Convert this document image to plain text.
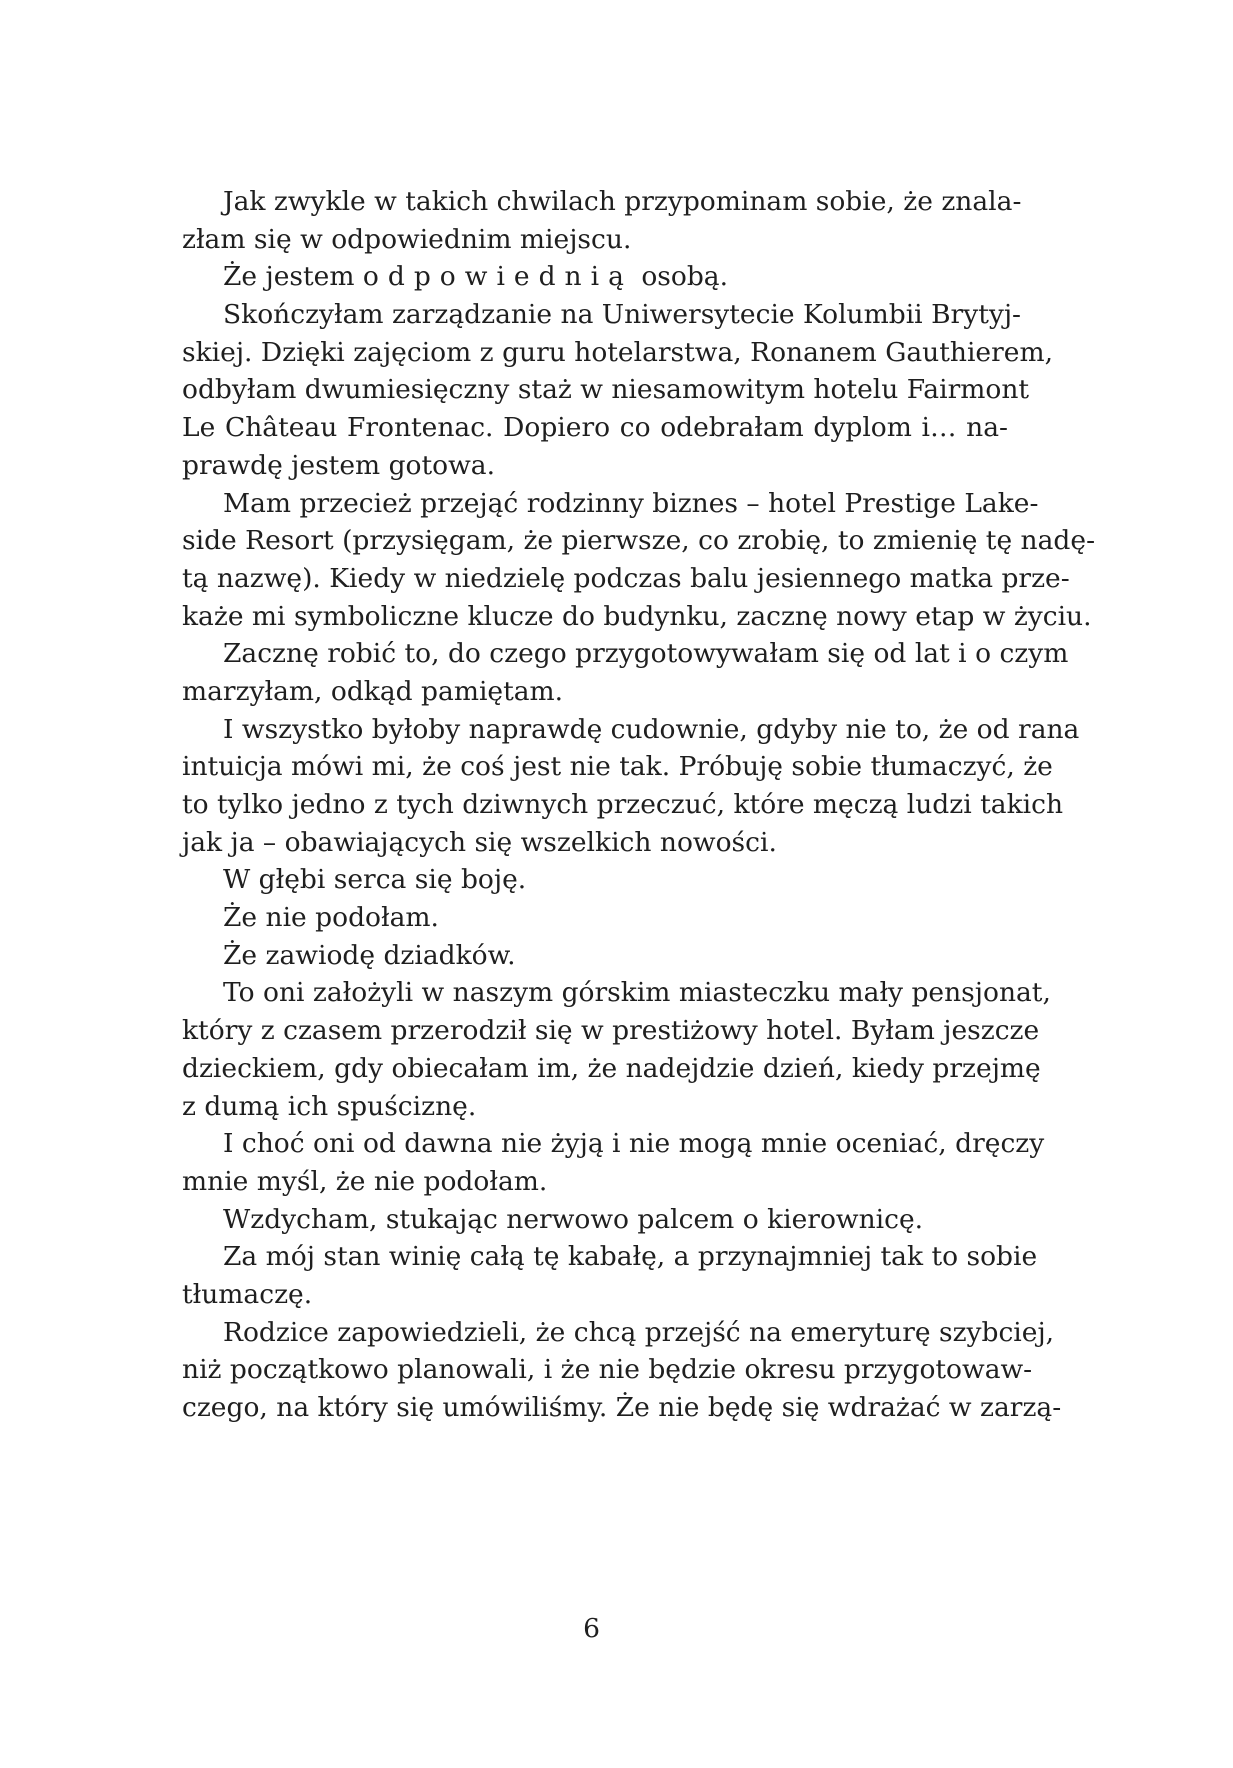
Jak zwykle w takich chwilach przypominam sobie, że znala-
złam się w odpowiednim miejscu.
Że jestem odpowiednią osobą.
Skończyłam zarządzanie na Uniwersytecie Kolumbii Brytyj-
skiej. Dzięki zajęciom z guru hotelarstwa, Ronanem Gauthierem,
odbyłam dwumiesięczny staż w niesamowitym hotelu Fairmont
Le Château Frontenac. Dopiero co odebrałam dyplom i… na-
prawdę jestem gotowa.
Mam przecież przejąć rodzinny biznes – hotel Prestige Lake-
side Resort (przysięgam, że pierwsze, co zrobię, to zmienię tę nadę-
tą nazwę). Kiedy w niedzielę podczas balu jesiennego matka prze-
każe mi symboliczne klucze do budynku, zacznę nowy etap w życiu.
Zacznę robić to, do czego przygotowywałam się od lat i o czym
marzyłam, odkąd pamiętam.
I wszystko byłoby naprawdę cudownie, gdyby nie to, że od rana
intuicja mówi mi, że coś jest nie tak. Próbuję sobie tłumaczyć, że
to tylko jedno z tych dziwnych przeczuć, które męczą ludzi takich
jak ja – obawiających się wszelkich nowości.
W głębi serca się boję.
Że nie podołam.
Że zawiodę dziadków.
To oni założyli w naszym górskim miasteczku mały pensjonat,
który z czasem przerodził się w prestiżowy hotel. Byłam jeszcze
dzieckiem, gdy obiecałam im, że nadejdzie dzień, kiedy przejmę
z dumą ich spuściznę.
I choć oni od dawna nie żyją i nie mogą mnie oceniać, dręczy
mnie myśl, że nie podołam.
Wzdycham, stukając nerwowo palcem o kierownicę.
Za mój stan winię całą tę kabałę, a przynajmniej tak to sobie
tłumaczę.
Rodzice zapowiedzieli, że chcą przejść na emeryturę szybciej,
niż początkowo planowali, i że nie będzie okresu przygotowaw-
czego, na który się umówiliśmy. Że nie będę się wdrażać w zarzą-
6
